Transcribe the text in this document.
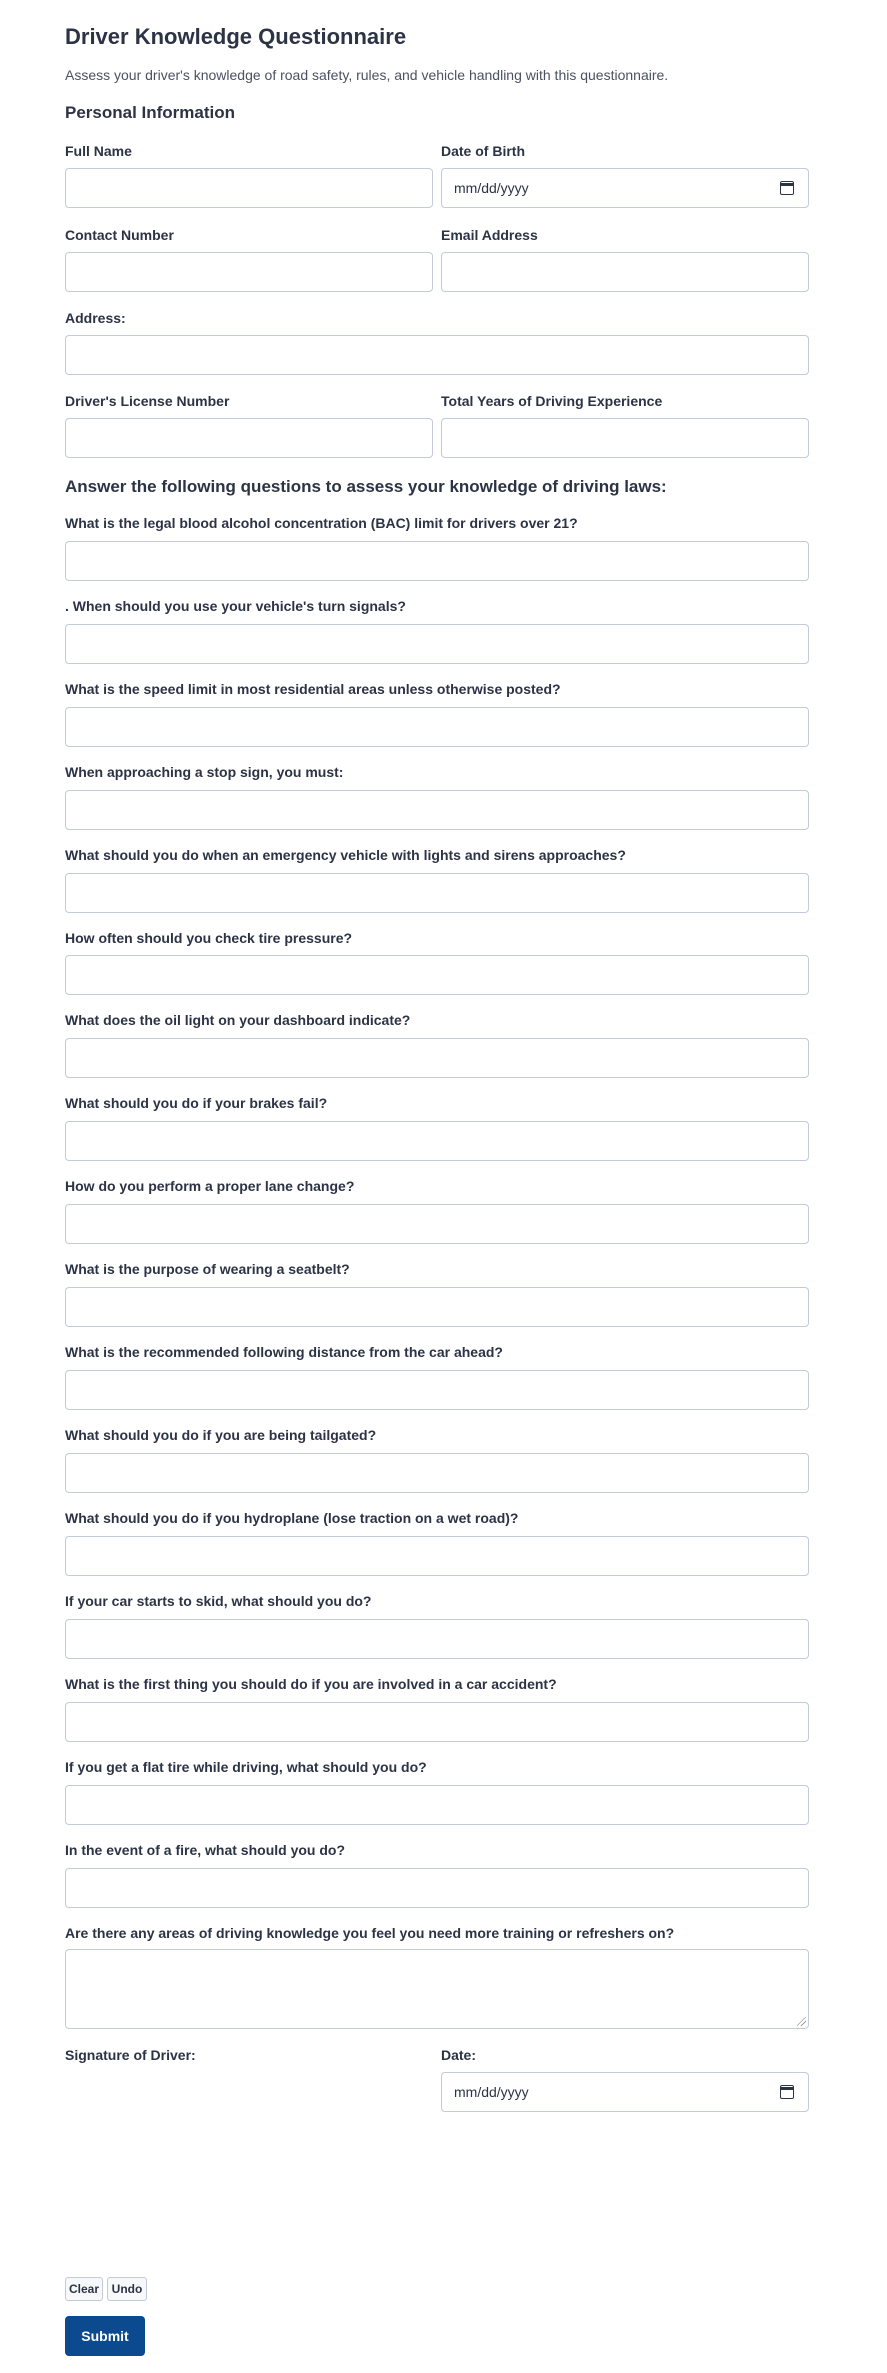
Driver Knowledge Questionnaire
Assess your driver's knowledge of road safety, rules, and vehicle handling with this questionnaire.
Personal Information
Full Name	Date of Birth
mm/dd/yyyy
Contact Number	Email Address
Address:
Driver's License Number	Total Years of Driving Experience
Answer the following questions to assess your knowledge of driving laws:
What is the legal blood alcohol concentration (BAC) limit for drivers over 21?
. When should you use your vehicle's turn signals?
What is the speed limit in most residential areas unless otherwise posted?
When approaching a stop sign, you must:
What should you do when an emergency vehicle with lights and sirens approaches?
How often should you check tire pressure?
What does the oil light on your dashboard indicate?
What should you do if your brakes fail?
How do you perform a proper lane change?
What is the purpose of wearing a seatbelt?
What is the recommended following distance from the car ahead?
What should you do if you are being tailgated?
What should you do if you hydroplane (lose traction on a wet road)?
If your car starts to skid, what should you do?
What is the first thing you should do if you are involved in a car accident?
If you get a flat tire while driving, what should you do?
In the event of a fire, what should you do?
Are there any areas of driving knowledge you feel you need more training or refreshers on?
Signature of Driver:	Date:
mm/dd/yyyy
Clear	Undo
Submit
